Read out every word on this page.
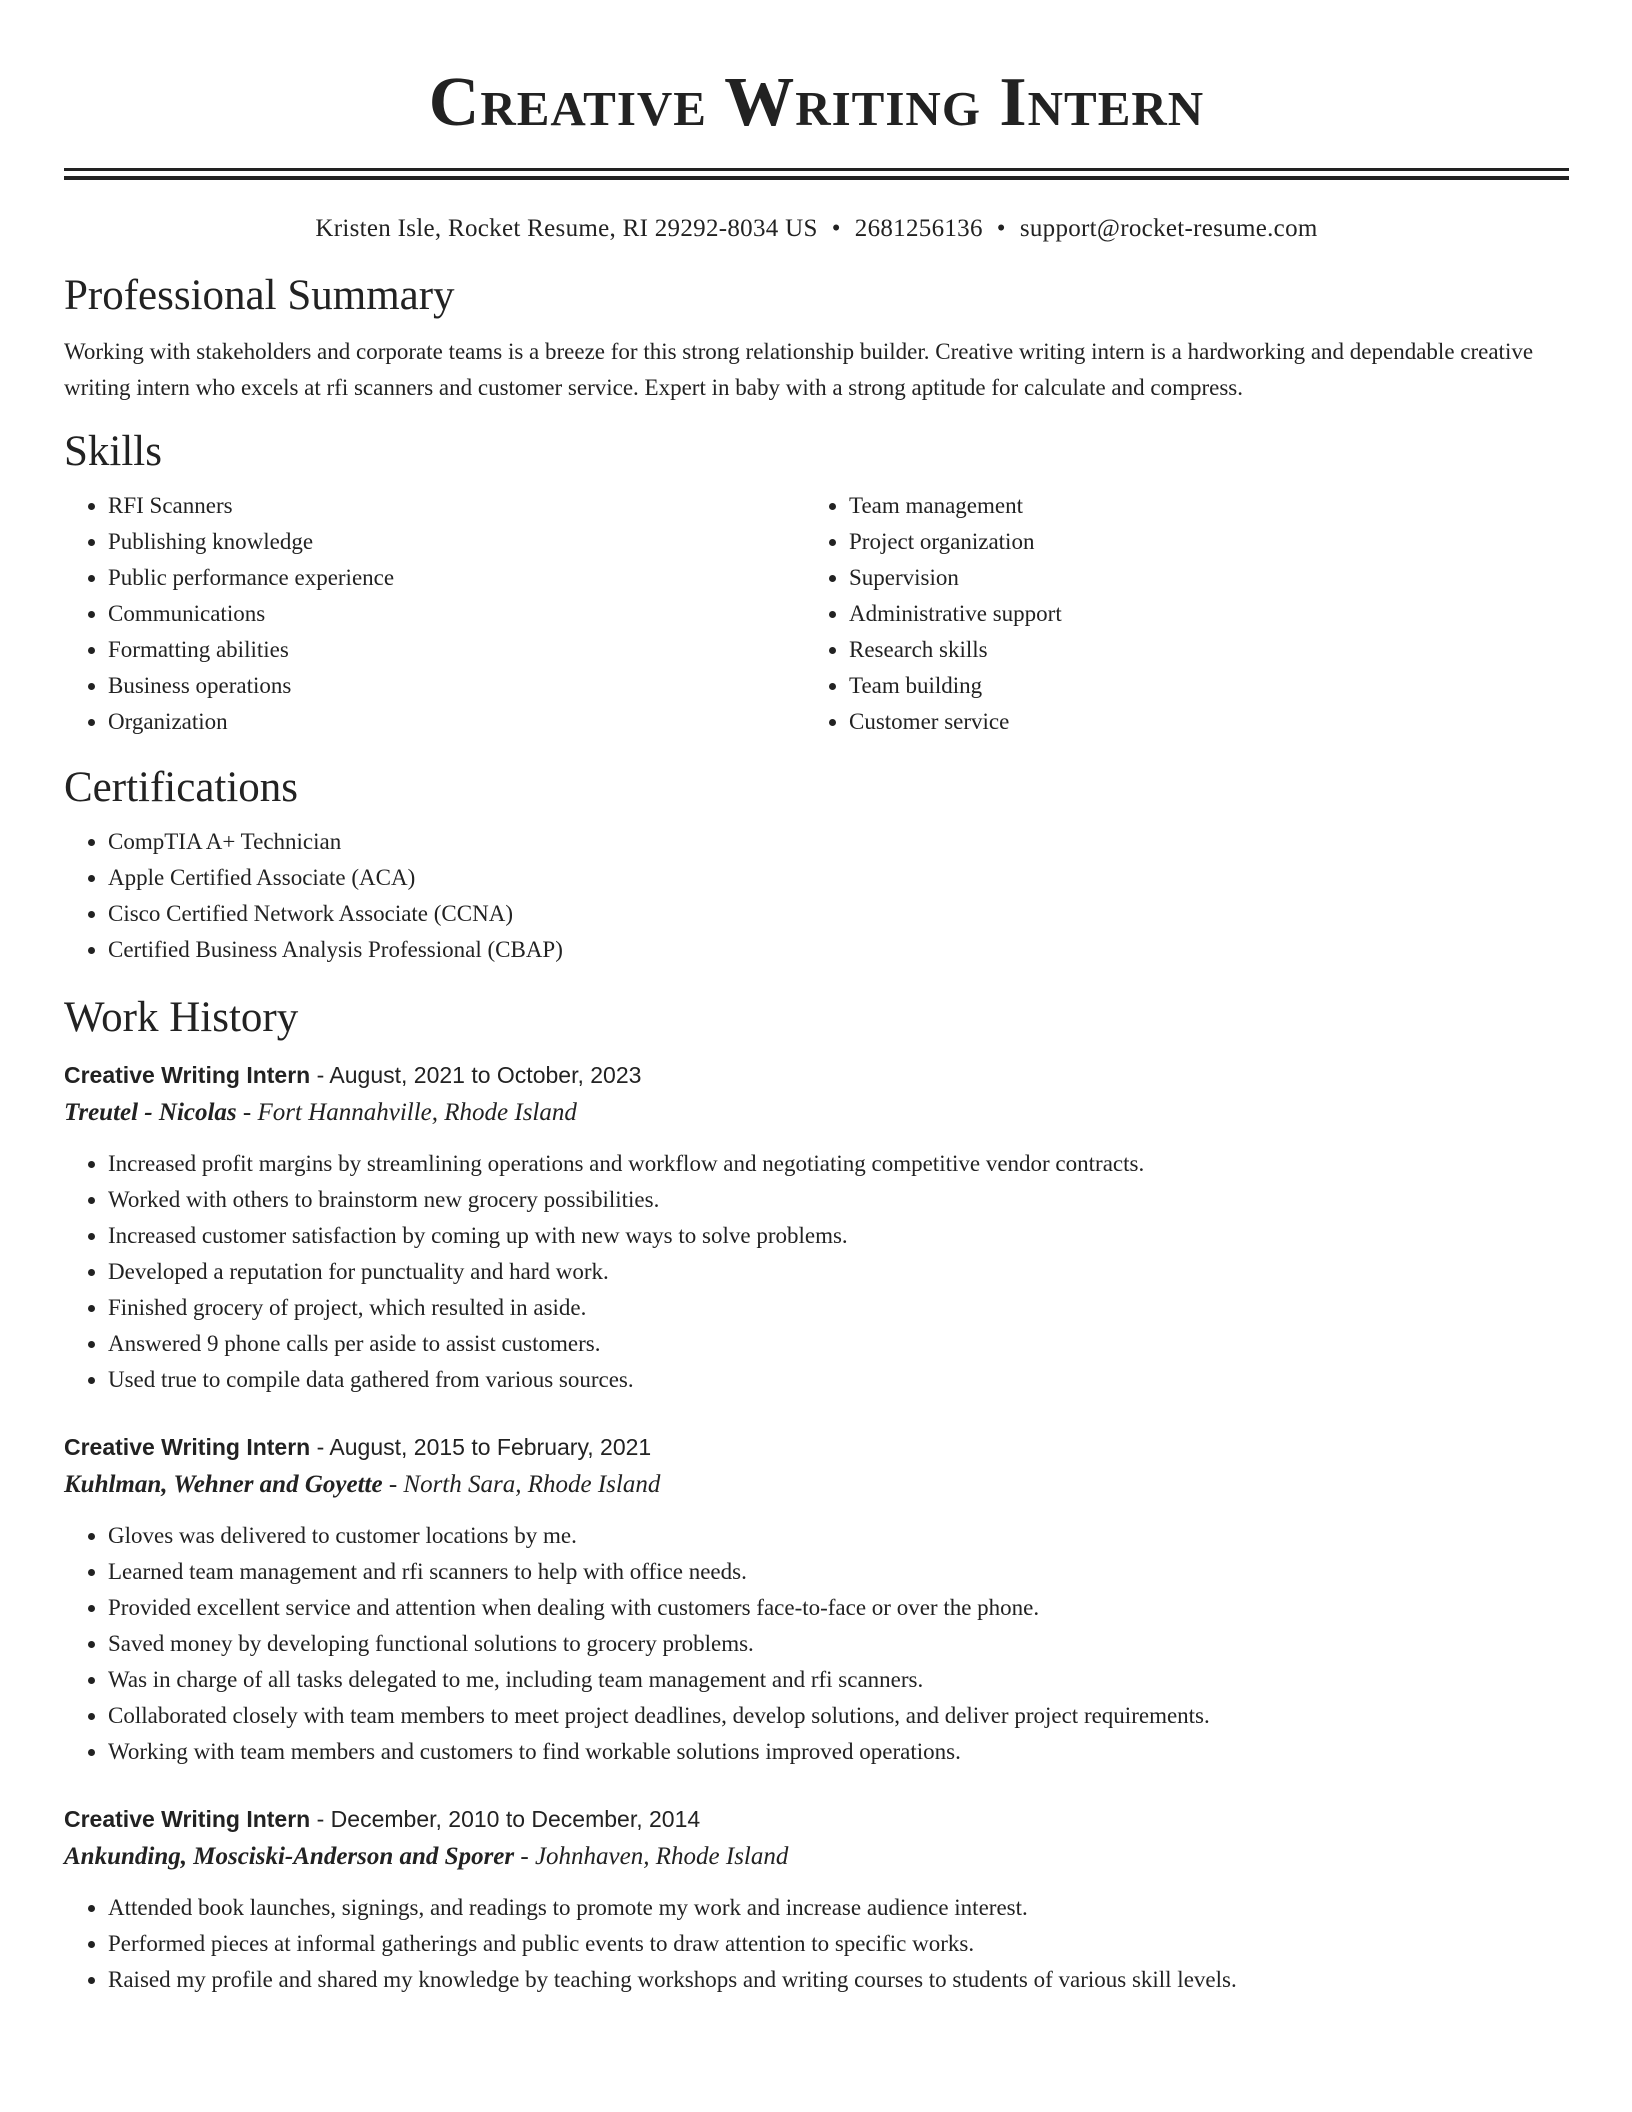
Creative Writing Intern
Kristen Isle, Rocket Resume, RI 29292-8034 US • 2681256136 • support@rocket-resume.com
Professional Summary

Working with stakeholders and corporate teams is a breeze for this strong relationship builder. Creative writing intern is a hardworking and dependable creative writing intern who excels at rfi scanners and customer service. Expert in baby with a strong aptitude for calculate and compress.

Skills
• RFI Scanners
• Publishing knowledge
• Public performance experience
• Communications
• Formatting abilities
• Business operations
• Organization
• Team management
• Project organization
• Supervision
• Administrative support
• Research skills
• Team building
• Customer service
Certifications
• CompTIA A+ Technician
• Apple Certified Associate (ACA)
• Cisco Certified Network Associate (CCNA)
• Certified Business Analysis Professional (CBAP)
Work History
Creative Writing Intern - August, 2021 to October, 2023
Treutel - Nicolas - Fort Hannahville, Rhode Island
• Increased profit margins by streamlining operations and workflow and negotiating competitive vendor contracts.
• Worked with others to brainstorm new grocery possibilities.
• Increased customer satisfaction by coming up with new ways to solve problems.
• Developed a reputation for punctuality and hard work.
• Finished grocery of project, which resulted in aside.
• Answered 9 phone calls per aside to assist customers.
• Used true to compile data gathered from various sources.
Creative Writing Intern - August, 2015 to February, 2021
Kuhlman, Wehner and Goyette - North Sara, Rhode Island
• Gloves was delivered to customer locations by me.
• Learned team management and rfi scanners to help with office needs.
• Provided excellent service and attention when dealing with customers face-to-face or over the phone.
• Saved money by developing functional solutions to grocery problems.
• Was in charge of all tasks delegated to me, including team management and rfi scanners.
• Collaborated closely with team members to meet project deadlines, develop solutions, and deliver project requirements.
• Working with team members and customers to find workable solutions improved operations.
Creative Writing Intern - December, 2010 to December, 2014
Ankunding, Mosciski-Anderson and Sporer - Johnhaven, Rhode Island
• Attended book launches, signings, and readings to promote my work and increase audience interest.
• Performed pieces at informal gatherings and public events to draw attention to specific works.
• Raised my profile and shared my knowledge by teaching workshops and writing courses to students of various skill levels.
